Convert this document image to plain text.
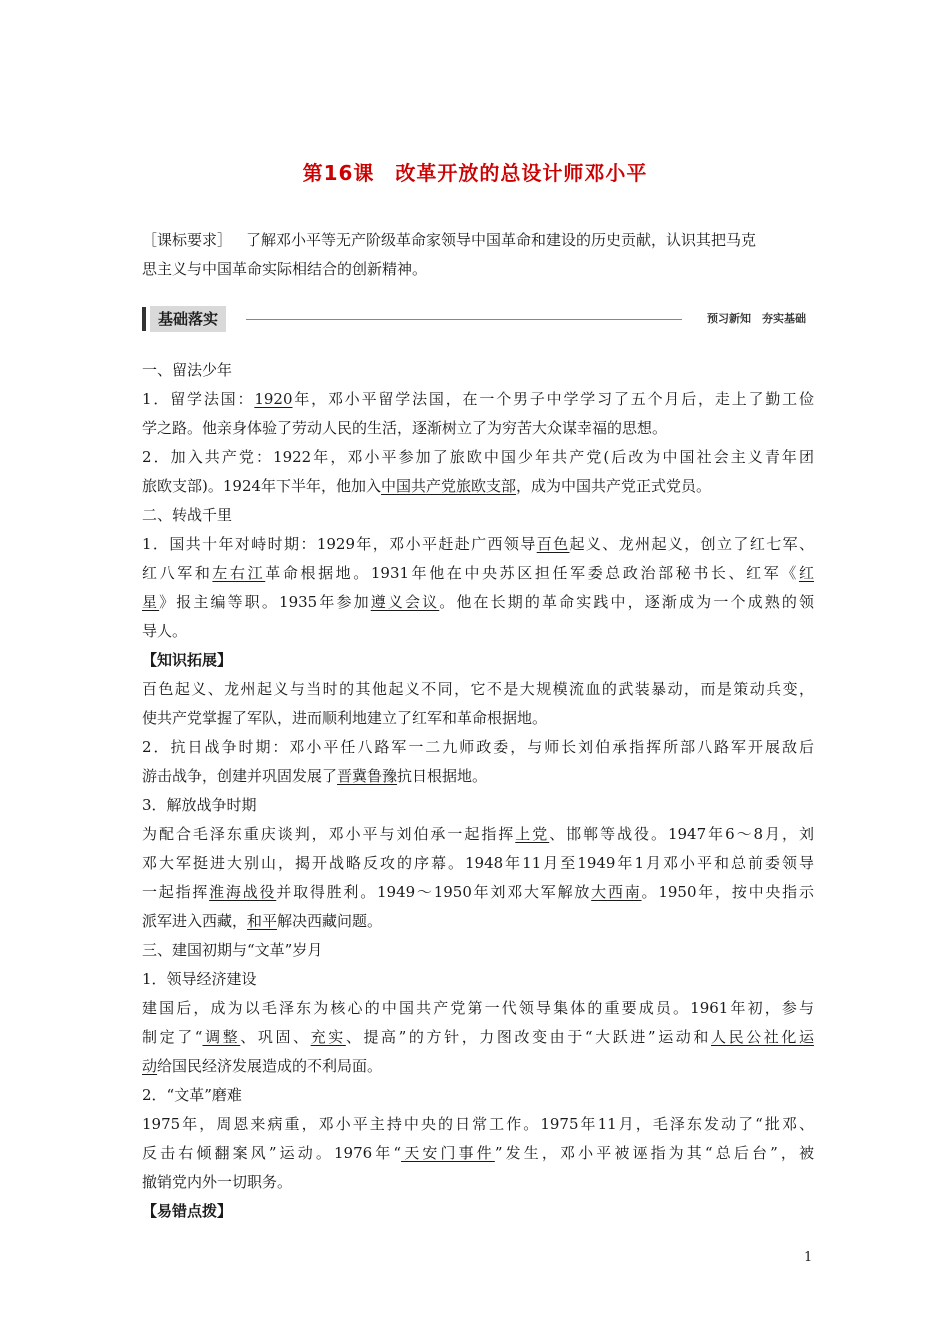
第16课　改革开放的总设计师邓小平
［课标要求］ 了解邓小平等无产阶级革命家领导中国革命和建设的历史贡献，认识其把马克
思主义与中国革命实际相结合的创新精神。
基础落实	预习新知　夯实基础
一、留法少年
1．留学法国：1920年，邓小平留学法国，在一个男子中学学习了五个月后，走上了勤工俭
学之路。他亲身体验了劳动人民的生活，逐渐树立了为穷苦大众谋幸福的思想。
2．加入共产党：1922年，邓小平参加了旅欧中国少年共产党(后改为中国社会主义青年团
旅欧支部)。1924年下半年，他加入中国共产党旅欧支部，成为中国共产党正式党员。
二、转战千里
1．国共十年对峙时期：1929年，邓小平赶赴广西领导百色起义、龙州起义，创立了红七军、
红八军和左右江革命根据地。1931年他在中央苏区担任军委总政治部秘书长、红军《红
星》报主编等职。1935年参加遵义会议。他在长期的革命实践中，逐渐成为一个成熟的领
导人。
【知识拓展】
百色起义、龙州起义与当时的其他起义不同，它不是大规模流血的武装暴动，而是策动兵变，
使共产党掌握了军队，进而顺利地建立了红军和革命根据地。
2．抗日战争时期：邓小平任八路军一二九师政委，与师长刘伯承指挥所部八路军开展敌后
游击战争，创建并巩固发展了晋冀鲁豫抗日根据地。
3．解放战争时期
为配合毛泽东重庆谈判，邓小平与刘伯承一起指挥上党、邯郸等战役。1947年6～8月，刘
邓大军挺进大别山，揭开战略反攻的序幕。1948年11月至1949年1月邓小平和总前委领导
一起指挥淮海战役并取得胜利。1949～1950年刘邓大军解放大西南。1950年，按中央指示
派军进入西藏，和平解决西藏问题。
三、建国初期与“文革”岁月
1．领导经济建设
建国后，成为以毛泽东为核心的中国共产党第一代领导集体的重要成员。1961年初，参与
制定了“调整、巩固、充实、提高”的方针，力图改变由于“大跃进”运动和人民公社化运
动给国民经济发展造成的不利局面。
2．“文革”磨难
1975年，周恩来病重，邓小平主持中央的日常工作。1975年11月，毛泽东发动了“批邓、
反击右倾翻案风”运动。1976年“天安门事件”发生，邓小平被诬指为其“总后台”，被
撤销党内外一切职务。
【易错点拨】
1
